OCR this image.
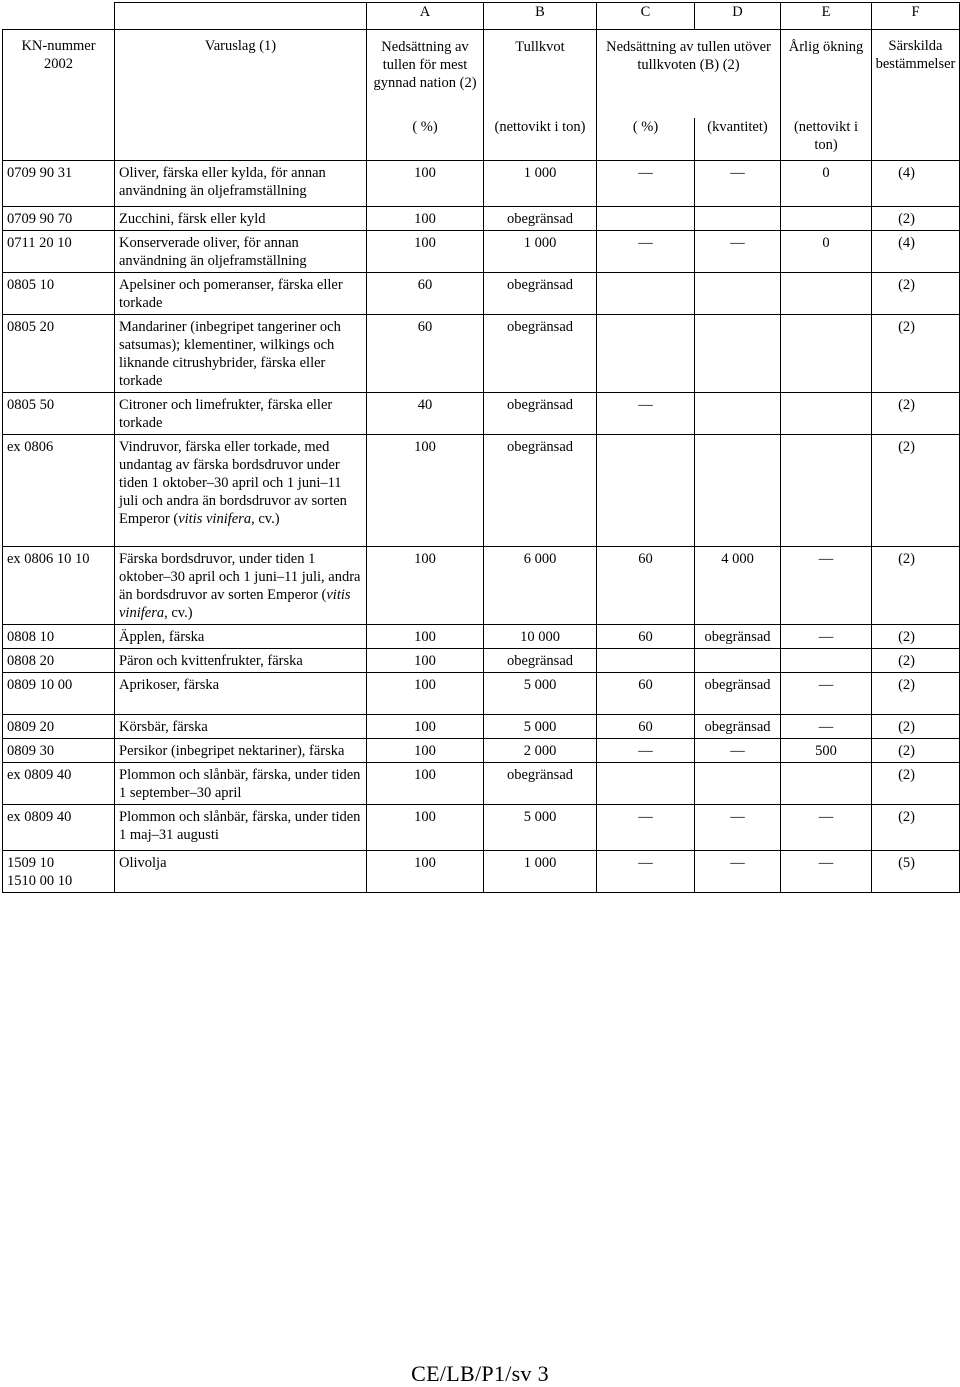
		A	B	C	D	E	F
KN-nummer 2002	Varuslag (1)	Nedsättning av tullen för mest gynnad nation (2)	Tullkvot	Nedsättning av tullen utöver tullkvoten (B) (2)		Årlig ökning	Särskilda bestämmelser
		( %)	(nettovikt i ton)	( %)	(kvantitet)	(nettovikt i ton)	
0709 90 31	Oliver, färska eller kylda, för annan användning än oljeframställning	100	1 000	—	—	0	(4)
0709 90 70	Zucchini, färsk eller kyld	100	obegränsad				(2)
0711 20 10	Konserverade oliver, för annan användning än oljeframställning	100	1 000	—	—	0	(4)
0805 10	Apelsiner och pomeranser, färska eller torkade	60	obegränsad				(2)
0805 20	Mandariner (inbegripet tangeriner och satsumas); klementiner, wilkings och liknande citrushybrider, färska eller torkade	60	obegränsad				(2)
0805 50	Citroner och limefrukter, färska eller torkade	40	obegränsad	—			(2)
ex 0806	Vindruvor, färska eller torkade, med undantag av färska bordsdruvor under tiden 1 oktober–30 april och 1 juni–11 juli och andra än bordsdruvor av sorten Emperor (vitis vinifera, cv.)	100	obegränsad				(2)
ex 0806 10 10	Färska bordsdruvor, under tiden 1 oktober–30 april och 1 juni–11 juli, andra än bordsdruvor av sorten Emperor (vitis vinifera, cv.)	100	6 000	60	4 000	—	(2)
0808 10	Äpplen, färska	100	10 000	60	obegränsad	—	(2)
0808 20	Päron och kvittenfrukter, färska	100	obegränsad				(2)
0809 10 00	Aprikoser, färska	100	5 000	60	obegränsad	—	(2)
0809 20	Körsbär, färska	100	5 000	60	obegränsad	—	(2)
0809 30	Persikor (inbegripet nektariner), färska	100	2 000	—	—	500	(2)
ex 0809 40	Plommon och slånbär, färska, under tiden 1 september–30 april	100	obegränsad				(2)
ex 0809 40	Plommon och slånbär, färska, under tiden 1 maj–31 augusti	100	5 000	—	—	—	(2)
1509 10
1510 00 10	Olivolja	100	1 000	—	—	—	(5)
CE/LB/P1/sv 3
